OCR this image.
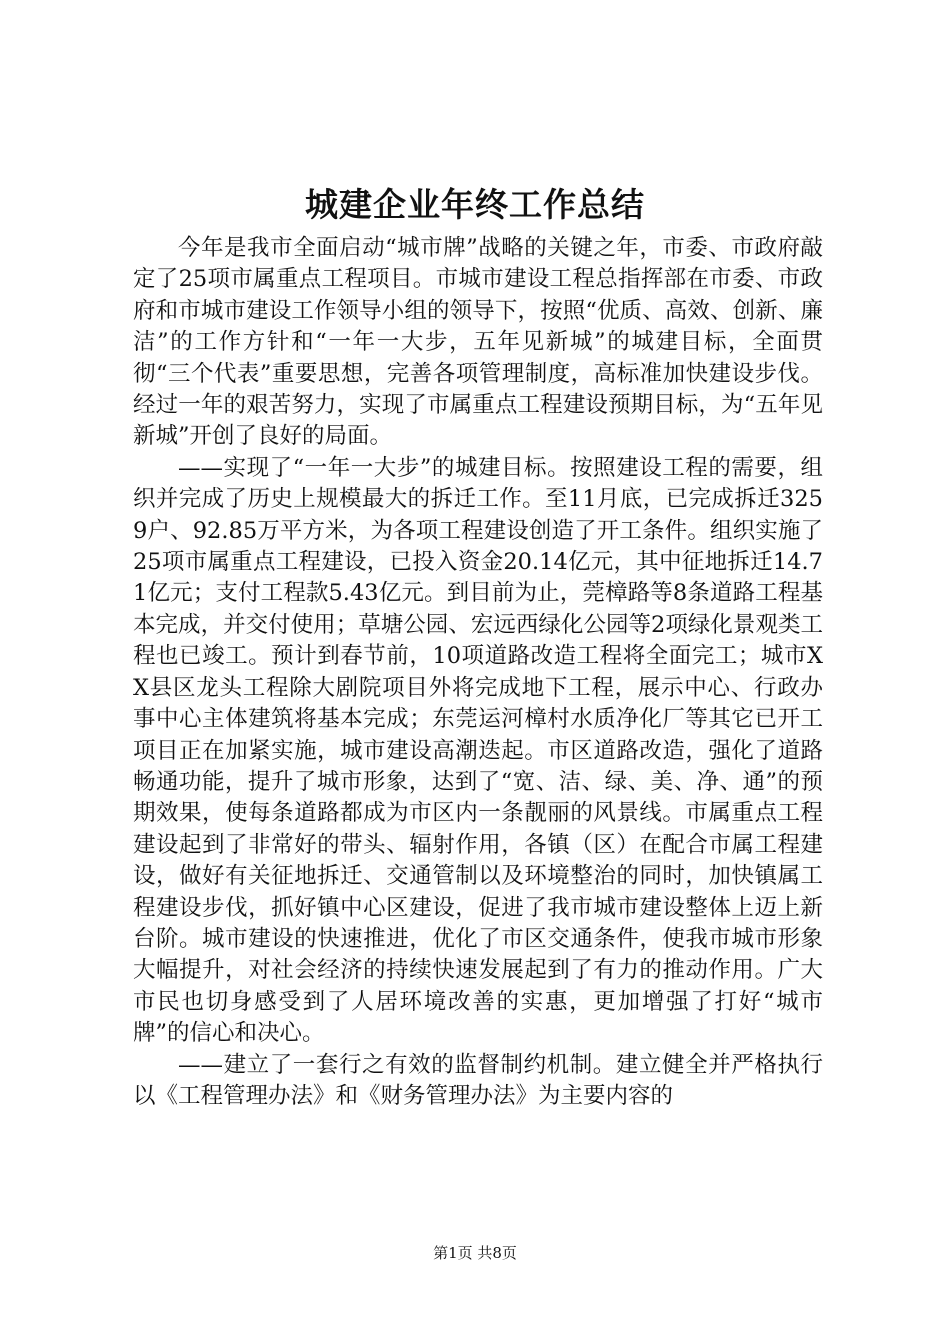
城建企业年终工作总结

今年是我市全面启动“城市牌”战略的关键之年，市委、市政府敲定了25项市属重点工程项目。市城市建设工程总指挥部在市委、市政府和市城市建设工作领导小组的领导下，按照“优质、高效、创新、廉洁”的工作方针和“一年一大步，五年见新城”的城建目标，全面贯彻“三个代表”重要思想，完善各项管理制度，高标准加快建设步伐。经过一年的艰苦努力，实现了市属重点工程建设预期目标，为“五年见新城”开创了良好的局面。

——实现了“一年一大步”的城建目标。按照建设工程的需要，组织并完成了历史上规模最大的拆迁工作。至11月底，已完成拆迁3259户、92.85万平方米，为各项工程建设创造了开工条件。组织实施了25项市属重点工程建设，已投入资金20.14亿元，其中征地拆迁14.71亿元；支付工程款5.43亿元。到目前为止，莞樟路等8条道路工程基本完成，并交付使用；草塘公园、宏远西绿化公园等2项绿化景观类工程也已竣工。预计到春节前，10项道路改造工程将全面完工；城市XX县区龙头工程除大剧院项目外将完成地下工程，展示中心、行政办事中心主体建筑将基本完成；东莞运河樟村水质净化厂等其它已开工项目正在加紧实施，城市建设高潮迭起。市区道路改造，强化了道路畅通功能，提升了城市形象，达到了“宽、洁、绿、美、净、通”的预期效果，使每条道路都成为市区内一条靓丽的风景线。市属重点工程建设起到了非常好的带头、辐射作用，各镇（区）在配合市属工程建设，做好有关征地拆迁、交通管制以及环境整治的同时，加快镇属工程建设步伐，抓好镇中心区建设，促进了我市城市建设整体上迈上新台阶。城市建设的快速推进，优化了市区交通条件，使我市城市形象大幅提升，对社会经济的持续快速发展起到了有力的推动作用。广大市民也切身感受到了人居环境改善的实惠，更加增强了打好“城市牌”的信心和决心。

——建立了一套行之有效的监督制约机制。建立健全并严格执行以《工程管理办法》和《财务管理办法》为主要内容的

第1页 共8页
